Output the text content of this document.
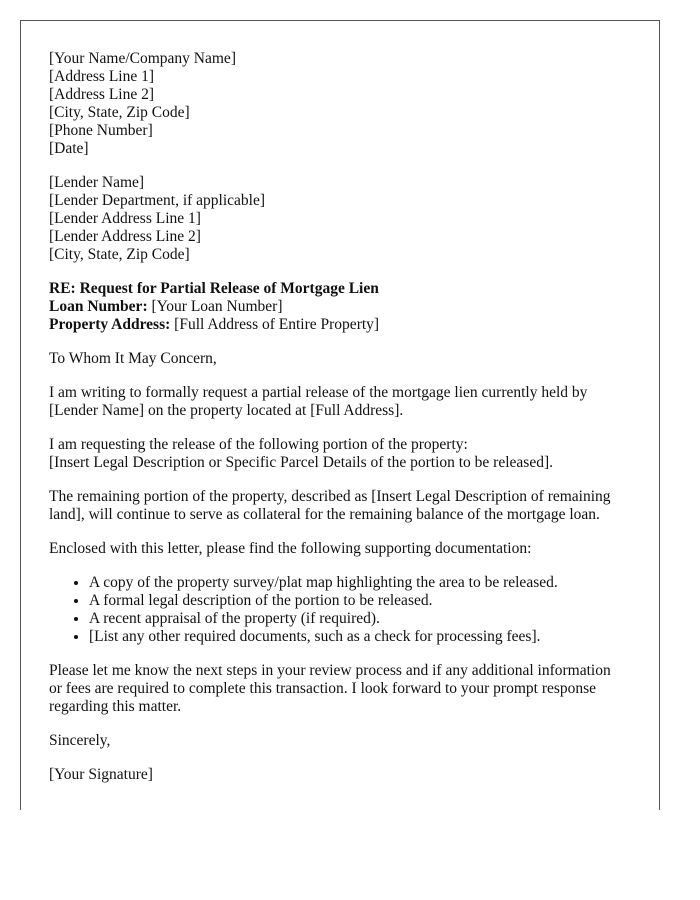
[Your Name/Company Name]
[Address Line 1]
[Address Line 2]
[City, State, Zip Code]
[Phone Number]
[Date]
[Lender Name]
[Lender Department, if applicable]
[Lender Address Line 1]
[Lender Address Line 2]
[City, State, Zip Code]
RE: Request for Partial Release of Mortgage Lien
Loan Number: [Your Loan Number]
Property Address: [Full Address of Entire Property]

To Whom It May Concern,

I am writing to formally request a partial release of the mortgage lien currently held by
[Lender Name] on the property located at [Full Address].

I am requesting the release of the following portion of the property:
[Insert Legal Description or Specific Parcel Details of the portion to be released].

The remaining portion of the property, described as [Insert Legal Description of remaining
land], will continue to serve as collateral for the remaining balance of the mortgage loan.

Enclosed with this letter, please find the following supporting documentation:

• A copy of the property survey/plat map highlighting the area to be released.
• A formal legal description of the portion to be released.
• A recent appraisal of the property (if required).
• [List any other required documents, such as a check for processing fees].

Please let me know the next steps in your review process and if any additional information
or fees are required to complete this transaction. I look forward to your prompt response
regarding this matter.

Sincerely,

[Your Signature]
